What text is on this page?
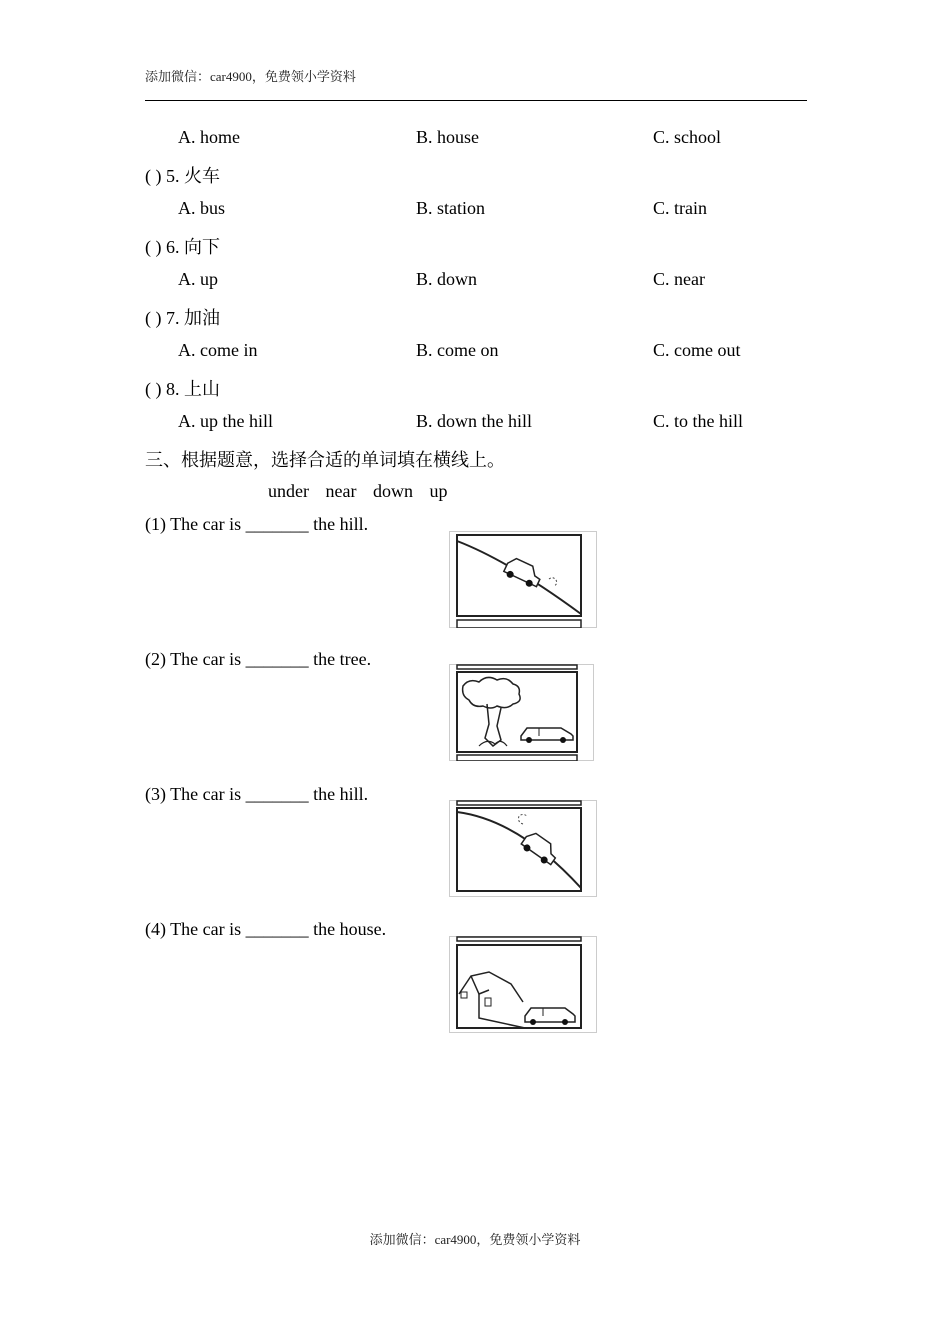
添加微信：car4900，免费领小学资料
A. home	B. house	C. school
( ) 5. 火车
A. bus	B. station	C. train
( ) 6. 向下
A. up	B. down	C. near
( ) 7. 加油
A. come in	B. come on	C. come out
( ) 8. 上山
A. up the hill	B. down the hill	C. to the hill
三、根据题意，选择合适的单词填在横线上。
under near down up
(1) The car is _______ the hill.
(2) The car is _______ the tree.
(3) The car is _______ the hill.
(4) The car is _______ the house.
添加微信：car4900，免费领小学资料
